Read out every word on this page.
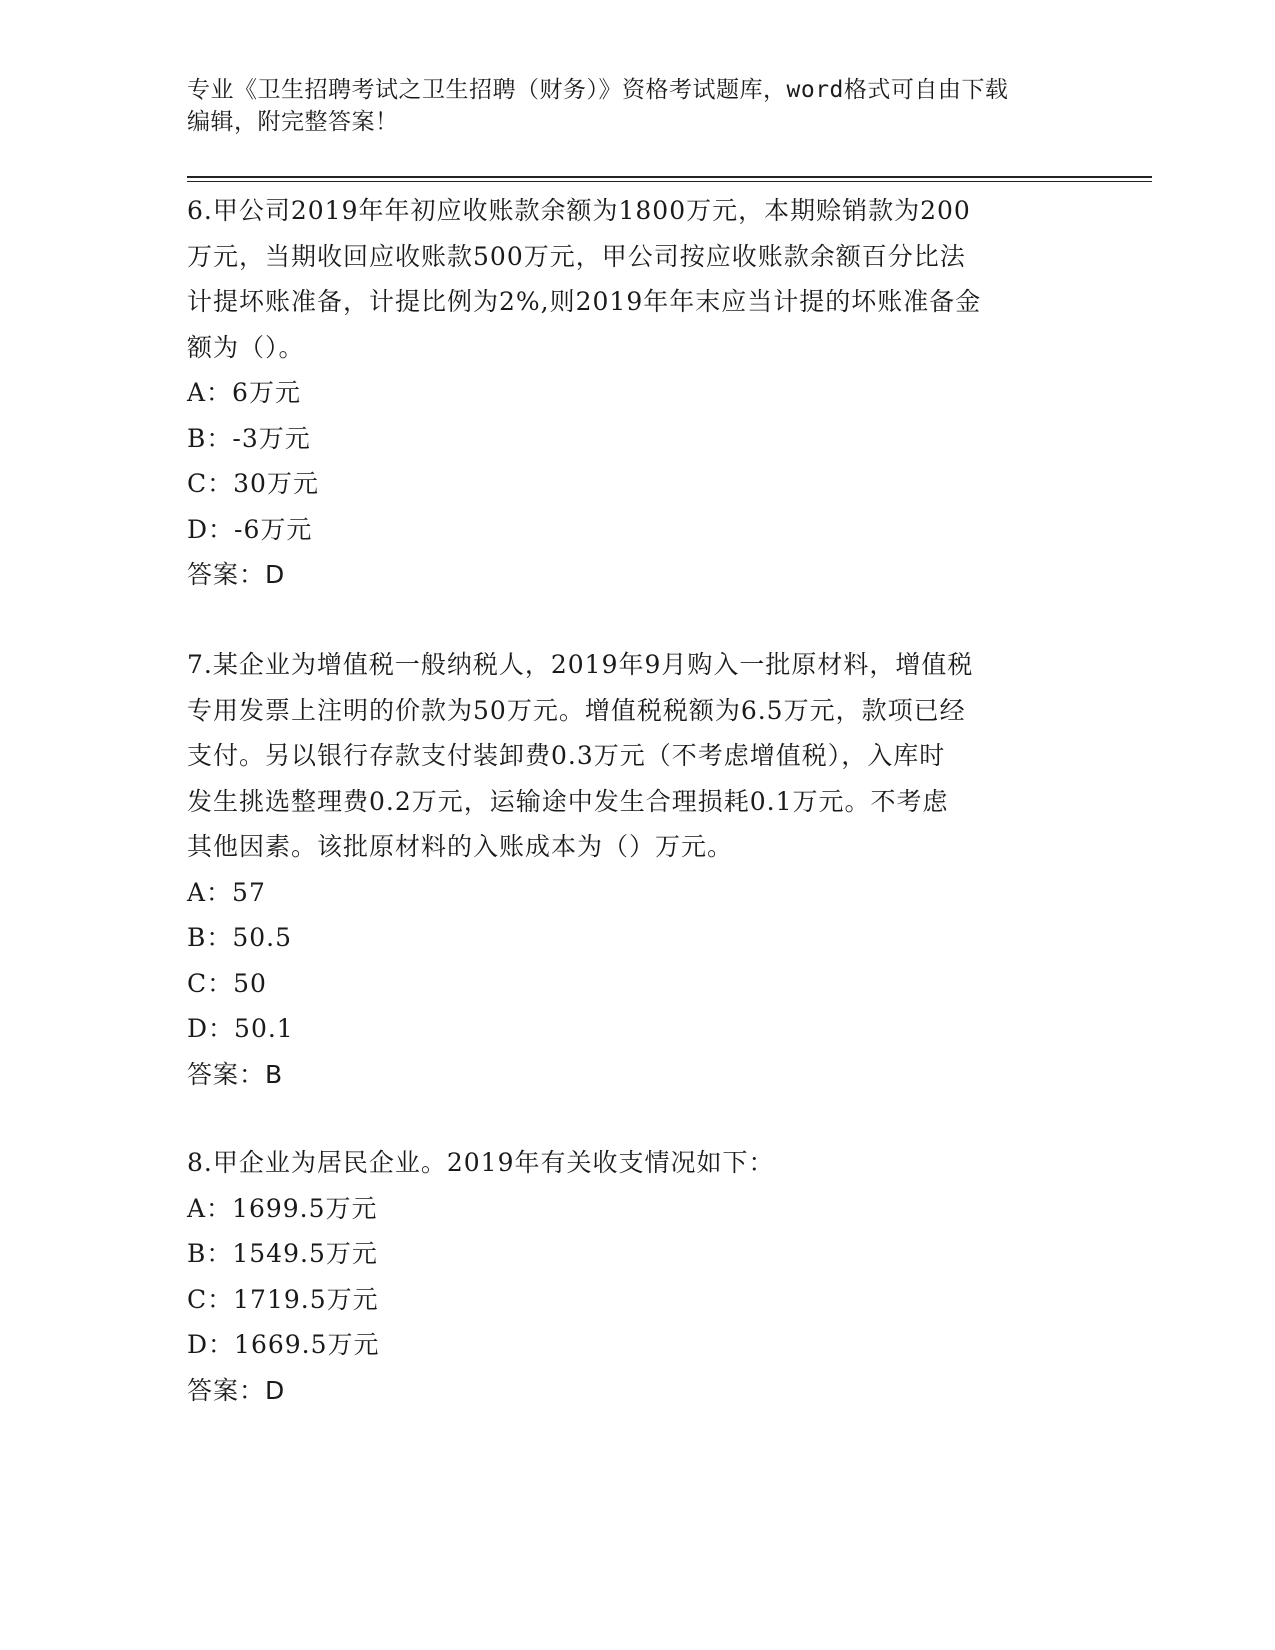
专业《卫生招聘考试之卫生招聘（财务）》资格考试题库，word格式可自由下载
编辑，附完整答案！

6.甲公司2019年年初应收账款余额为1800万元，本期赊销款为200

万元，当期收回应收账款500万元，甲公司按应收账款余额百分比法

计提坏账准备，计提比例为2%,则2019年年末应当计提的坏账准备金

额为（）。

A：6万元

B：-3万元

C：30万元

D：-6万元

答案：D

7.某企业为增值税一般纳税人，2019年9月购入一批原材料，增值税

专用发票上注明的价款为50万元。增值税税额为6.5万元，款项已经

支付。另以银行存款支付装卸费0.3万元（不考虑增值税），入库时

发生挑选整理费0.2万元，运输途中发生合理损耗0.1万元。不考虑

其他因素。该批原材料的入账成本为（）万元。

A：57

B：50.5

C：50

D：50.1

答案：B

8.甲企业为居民企业。2019年有关收支情况如下：

A：1699.5万元

B：1549.5万元

C：1719.5万元

D：1669.5万元

答案：D
